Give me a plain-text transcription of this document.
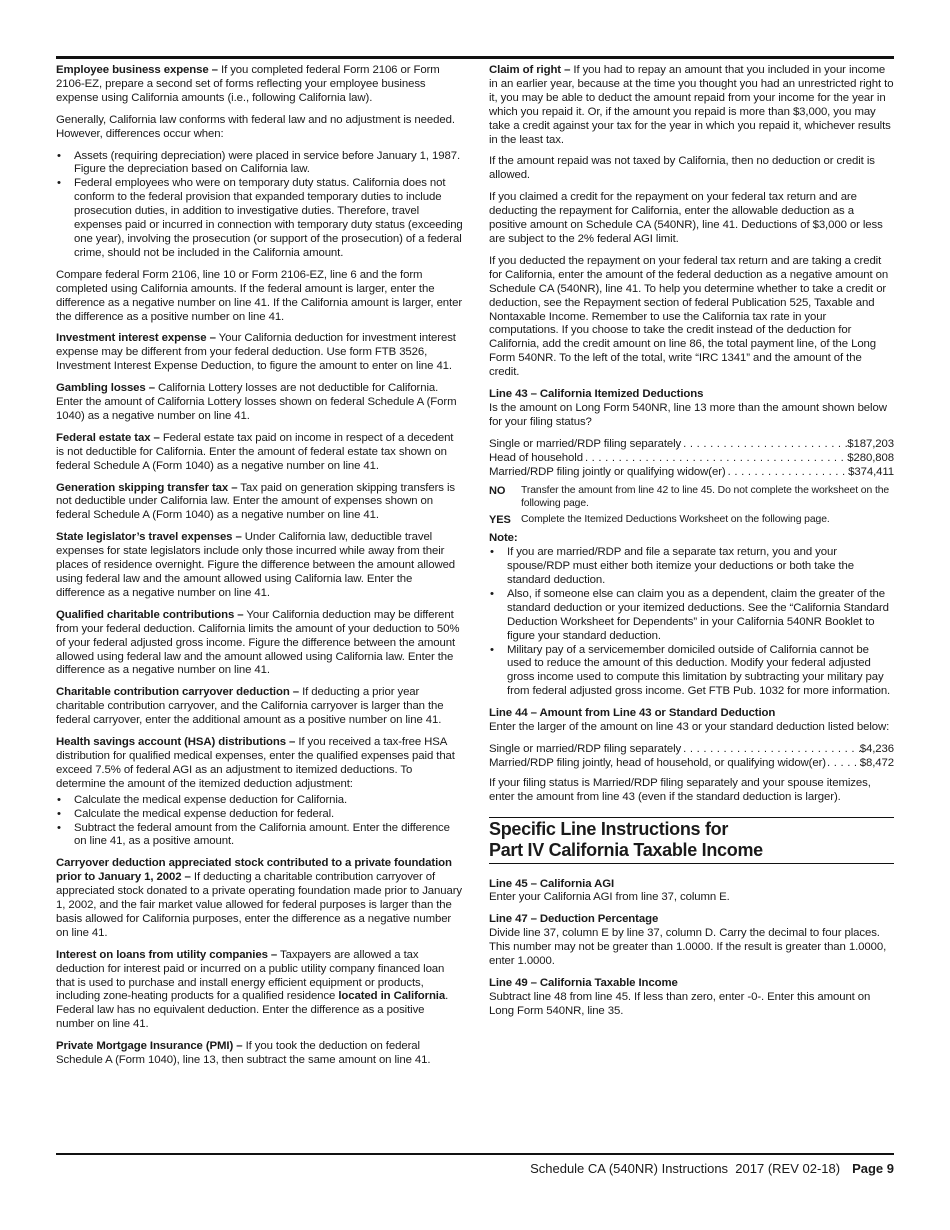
Employee business expense – If you completed federal Form 2106 or Form 2106-EZ, prepare a second set of forms reflecting your employee business expense using California amounts (i.e., following California law).

Generally, California law conforms with federal law and no adjustment is needed. However, differences occur when:

• Assets (requiring depreciation) were placed in service before January 1, 1987. Figure the depreciation based on California law.
• Federal employees who were on temporary duty status. California does not conform to the federal provision that expanded temporary duties to include prosecution duties, in addition to investigative duties. Therefore, travel expenses paid or incurred in connection with temporary duty status (exceeding one year), involving the prosecution (or support of the prosecution) of a federal crime, should not be included in the California amount.

Compare federal Form 2106, line 10 or Form 2106-EZ, line 6 and the form completed using California amounts. If the federal amount is larger, enter the difference as a negative number on line 41. If the California amount is larger, enter the difference as a positive number on line 41.

Investment interest expense – Your California deduction for investment interest expense may be different from your federal deduction. Use form FTB 3526, Investment Interest Expense Deduction, to figure the amount to enter on line 41.

Gambling losses – California Lottery losses are not deductible for California. Enter the amount of California Lottery losses shown on federal Schedule A (Form 1040) as a negative number on line 41.

Federal estate tax – Federal estate tax paid on income in respect of a decedent is not deductible for California. Enter the amount of federal estate tax shown on federal Schedule A (Form 1040) as a negative number on line 41.

Generation skipping transfer tax – Tax paid on generation skipping transfers is not deductible under California law. Enter the amount of expenses shown on federal Schedule A (Form 1040) as a negative number on line 41.

State legislator’s travel expenses – Under California law, deductible travel expenses for state legislators include only those incurred while away from their places of residence overnight. Figure the difference between the amount allowed using federal law and the amount allowed using California law. Enter the difference as a negative number on line 41.

Qualified charitable contributions – Your California deduction may be different from your federal deduction. California limits the amount of your deduction to 50% of your federal adjusted gross income. Figure the difference between the amount allowed using federal law and the amount allowed using California law. Enter the difference as a negative number on line 41.

Charitable contribution carryover deduction – If deducting a prior year charitable contribution carryover, and the California carryover is larger than the federal carryover, enter the additional amount as a positive number on line 41.

Health savings account (HSA) distributions – If you received a tax-free HSA distribution for qualified medical expenses, enter the qualified expenses paid that exceed 7.5% of federal AGI as an adjustment to itemized deductions. To determine the amount of the itemized deduction adjustment:

• Calculate the medical expense deduction for California.
• Calculate the medical expense deduction for federal.
• Subtract the federal amount from the California amount. Enter the difference on line 41, as a positive amount.

Carryover deduction appreciated stock contributed to a private foundation prior to January 1, 2002 – If deducting a charitable contribution carryover of appreciated stock donated to a private operating foundation made prior to January 1, 2002, and the fair market value allowed for federal purposes is larger than the basis allowed for California purposes, enter the difference as a negative number on line 41.

Interest on loans from utility companies – Taxpayers are allowed a tax deduction for interest paid or incurred on a public utility company financed loan that is used to purchase and install energy efficient equipment or products, including zone-heating products for a qualified residence located in California. Federal law has no equivalent deduction. Enter the difference as a positive number on line 41.

Private Mortgage Insurance (PMI) – If you took the deduction on federal Schedule A (Form 1040), line 13, then subtract the same amount on line 41.

Claim of right – If you had to repay an amount that you included in your income in an earlier year, because at the time you thought you had an unrestricted right to it, you may be able to deduct the amount repaid from your income for the year in which you repaid it. Or, if the amount you repaid is more than $3,000, you may take a credit against your tax for the year in which you repaid it, whichever results in the least tax.

If the amount repaid was not taxed by California, then no deduction or credit is allowed.

If you claimed a credit for the repayment on your federal tax return and are deducting the repayment for California, enter the allowable deduction as a positive amount on Schedule CA (540NR), line 41. Deductions of $3,000 or less are subject to the 2% federal AGI limit.

If you deducted the repayment on your federal tax return and are taking a credit for California, enter the amount of the federal deduction as a negative amount on Schedule CA (540NR), line 41. To help you determine whether to take a credit or deduction, see the Repayment section of federal Publication 525, Taxable and Nontaxable Income. Remember to use the California tax rate in your computations. If you choose to take the credit instead of the deduction for California, add the credit amount on line 86, the total payment line, of the Long Form 540NR. To the left of the total, write “IRC 1341” and the amount of the credit.

Line 43 – California Itemized Deductions

Is the amount on Long Form 540NR, line 13 more than the amount shown below for your filing status?

Single or married/RDP filing separately . . .	$187,203
Head of household . . .	$280,808
Married/RDP filing jointly or qualifying widow(er) . . .	$374,411
NO	Transfer the amount from line 42 to line 45. Do not complete the worksheet on the following page.
YES Complete the Itemized Deductions Worksheet on the following page.

Note:

• If you are married/RDP and file a separate tax return, you and your spouse/RDP must either both itemize your deductions or both take the standard deduction.
• Also, if someone else can claim you as a dependent, claim the greater of the standard deduction or your itemized deductions. See the “California Standard Deduction Worksheet for Dependents” in your California 540NR Booklet to figure your standard deduction.
• Military pay of a servicemember domiciled outside of California cannot be used to reduce the amount of this deduction. Modify your federal adjusted gross income used to compute this limitation by subtracting your military pay from federal adjusted gross income. Get FTB Pub. 1032 for more information.

Line 44 – Amount from Line 43 or Standard Deduction

Enter the larger of the amount on line 43 or your standard deduction listed below:

Single or married/RDP filing separately . . .	$4,236
Married/RDP filing jointly, head of household, or qualifying widow(er) . . .	$8,472

If your filing status is Married/RDP filing separately and your spouse itemizes, enter the amount from line 43 (even if the standard deduction is larger).

Specific Line Instructions for
Part IV California Taxable Income

Line 45 – California AGI

Enter your California AGI from line 37, column E.

Line 47 – Deduction Percentage

Divide line 37, column E by line 37, column D. Carry the decimal to four places. This number may not be greater than 1.0000. If the result is greater than 1.0000, enter 1.0000.

Line 49 – California Taxable Income

Subtract line 48 from line 45. If less than zero, enter -0-. Enter this amount on Long Form 540NR, line 35.

Schedule CA (540NR) Instructions  2017 (REV 02-18) Page 9
